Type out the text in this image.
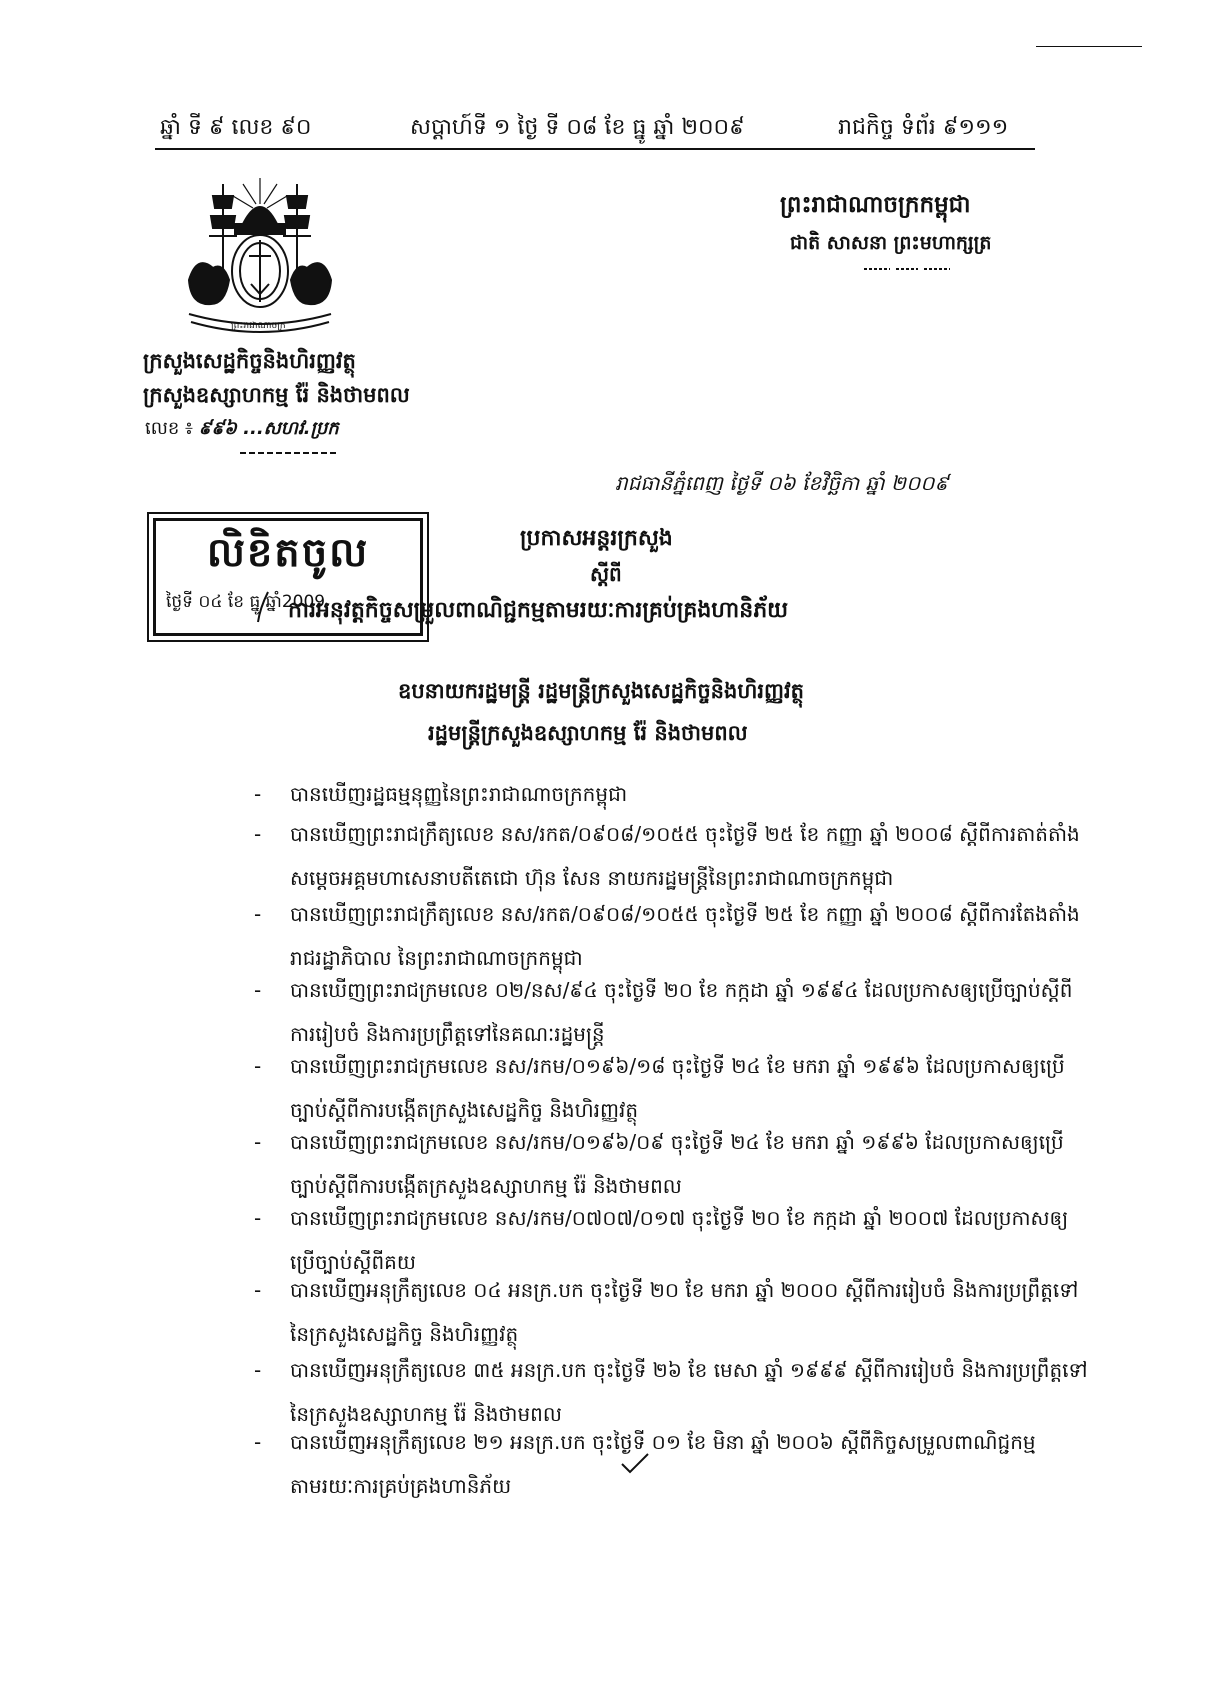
ឆ្នាំ ទី ៩ លេខ ៩០	សប្តាហ៍ទី ១ ថ្ងៃ ទី ០៨ ខែ ធ្នូ ឆ្នាំ ២០០៩	រាជកិច្ច ទំព័រ ៩១១១
ព្រះរាជាណាចក្រ
ព្រះរាជាណាចក្រកម្ពុជា
ជាតិ សាសនា ព្រះមហាក្សត្រ
ក្រសួងសេដ្ឋកិច្ចនិងហិរញ្ញវត្ថុ
ក្រសួងឧស្សាហកម្ម រ៉ែ និងថាមពល
លេខ ៖ ៩៩៦ ...សហវ.ប្រក
រាជធានីភ្នំពេញ ថ្ងៃទី ០៦ ខែវិច្ឆិកា ឆ្នាំ ២០០៩
លិខិតចូល
ថ្ងៃទី ០៤ ខែ ធ្នូ ឆ្នាំ2009
ប្រកាសអន្តរក្រសួង
ស្តីពី
ការអនុវត្តកិច្ចសម្រួលពាណិជ្ជកម្មតាមរយៈការគ្រប់គ្រងហានិភ័យ
ឧបនាយករដ្ឋមន្ត្រី រដ្ឋមន្ត្រីក្រសួងសេដ្ឋកិច្ចនិងហិរញ្ញវត្ថុ
រដ្ឋមន្ត្រីក្រសួងឧស្សាហកម្ម រ៉ែ និងថាមពល
- បានឃើញរដ្ឋធម្មនុញ្ញនៃព្រះរាជាណាចក្រកម្ពុជា
- បានឃើញព្រះរាជក្រឹត្យលេខ នស/រកត/០៩០៨/១០៥៥ ចុះថ្ងៃទី ២៥ ខែ កញ្ញា ឆ្នាំ ២០០៨ ស្តីពីការតាត់តាំងសម្តេចអគ្គមហាសេនាបតីតេជោ ហ៊ុន សែន នាយករដ្ឋមន្ត្រីនៃព្រះរាជាណាចក្រកម្ពុជា
- បានឃើញព្រះរាជក្រឹត្យលេខ នស/រកត/០៩០៨/១០៥៥ ចុះថ្ងៃទី ២៥ ខែ កញ្ញា ឆ្នាំ ២០០៨ ស្តីពីការតែងតាំងរាជរដ្ឋាភិបាល នៃព្រះរាជាណាចក្រកម្ពុជា
- បានឃើញព្រះរាជក្រមលេខ ០២/នស/៩៤ ចុះថ្ងៃទី ២០ ខែ កក្កដា ឆ្នាំ ១៩៩៤ ដែលប្រកាសឲ្យប្រើច្បាប់ស្តីពីការរៀបចំ និងការប្រព្រឹត្តទៅនៃគណៈរដ្ឋមន្ត្រី
- បានឃើញព្រះរាជក្រមលេខ នស/រកម/០១៩៦/១៨ ចុះថ្ងៃទី ២៤ ខែ មករា ឆ្នាំ ១៩៩៦ ដែលប្រកាសឲ្យប្រើច្បាប់ស្តីពីការបង្កើតក្រសួងសេដ្ឋកិច្ច និងហិរញ្ញវត្ថុ
- បានឃើញព្រះរាជក្រមលេខ នស/រកម/០១៩៦/០៩ ចុះថ្ងៃទី ២៤ ខែ មករា ឆ្នាំ ១៩៩៦ ដែលប្រកាសឲ្យប្រើច្បាប់ស្តីពីការបង្កើតក្រសួងឧស្សាហកម្ម រ៉ែ និងថាមពល
- បានឃើញព្រះរាជក្រមលេខ នស/រកម/០៧០៧/០១៧ ចុះថ្ងៃទី ២០ ខែ កក្កដា ឆ្នាំ ២០០៧ ដែលប្រកាសឲ្យប្រើច្បាប់ស្តីពីគយ
- បានឃើញអនុក្រឹត្យលេខ ០៤ អនក្រ.បក ចុះថ្ងៃទី ២០ ខែ មករា ឆ្នាំ ២០០០ ស្តីពីការរៀបចំ និងការប្រព្រឹត្តទៅនៃក្រសួងសេដ្ឋកិច្ច និងហិរញ្ញវត្ថុ
- បានឃើញអនុក្រឹត្យលេខ ៣៥ អនក្រ.បក ចុះថ្ងៃទី ២៦ ខែ មេសា ឆ្នាំ ១៩៩៩ ស្តីពីការរៀបចំ និងការប្រព្រឹត្តទៅនៃក្រសួងឧស្សាហកម្ម រ៉ែ និងថាមពល
- បានឃើញអនុក្រឹត្យលេខ ២១ អនក្រ.បក ចុះថ្ងៃទី ០១ ខែ មិនា ឆ្នាំ ២០០៦ ស្តីពីកិច្ចសម្រួលពាណិជ្ជកម្មតាមរយៈការគ្រប់គ្រងហានិភ័យ
